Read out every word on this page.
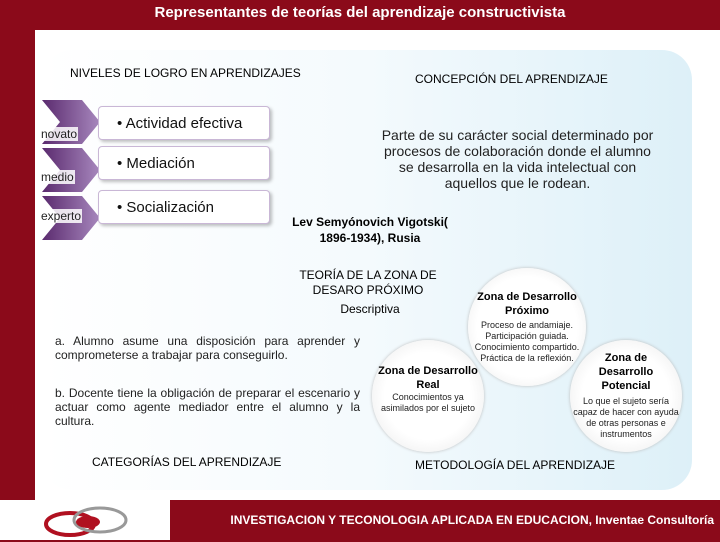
Representantes de teorías del aprendizaje constructivista
NIVELES DE LOGRO EN APRENDIZAJES	CONCEPCIÓN DEL APRENDIZAJE
novato
medio
experto
• Actividad efectiva
• Mediación
• Socialización
Parte de su carácter social determinado por procesos de colaboración donde el alumno se desarrolla en la vida intelectual con aquellos que le rodean.
Lev Semyónovich Vigotski( 1896-1934), Rusia
TEORÍA DE LA ZONA DE DESARO PRÓXIMO
Descriptiva
a. Alumno asume una disposición para aprender y comprometerse a trabajar para conseguirlo.
b. Docente tiene la obligación de preparar el escenario y actuar como agente mediador entre el alumno y la cultura.
Zona de Desarrollo Próximo
Proceso de andamiaje. Participación guiada. Conocimiento compartido. Práctica de la reflexión.
Zona de Desarrollo Real
Conocimientos ya asimilados por el sujeto
Zona de Desarrollo Potencial
Lo que el sujeto sería capaz de hacer con ayuda de otras personas e instrumentos
CATEGORÍAS DEL APRENDIZAJE	METODOLOGÍA DEL APRENDIZAJE
INVESTIGACION Y TECONOLOGIA APLICADA EN EDUCACION, Inventae Consultoría
